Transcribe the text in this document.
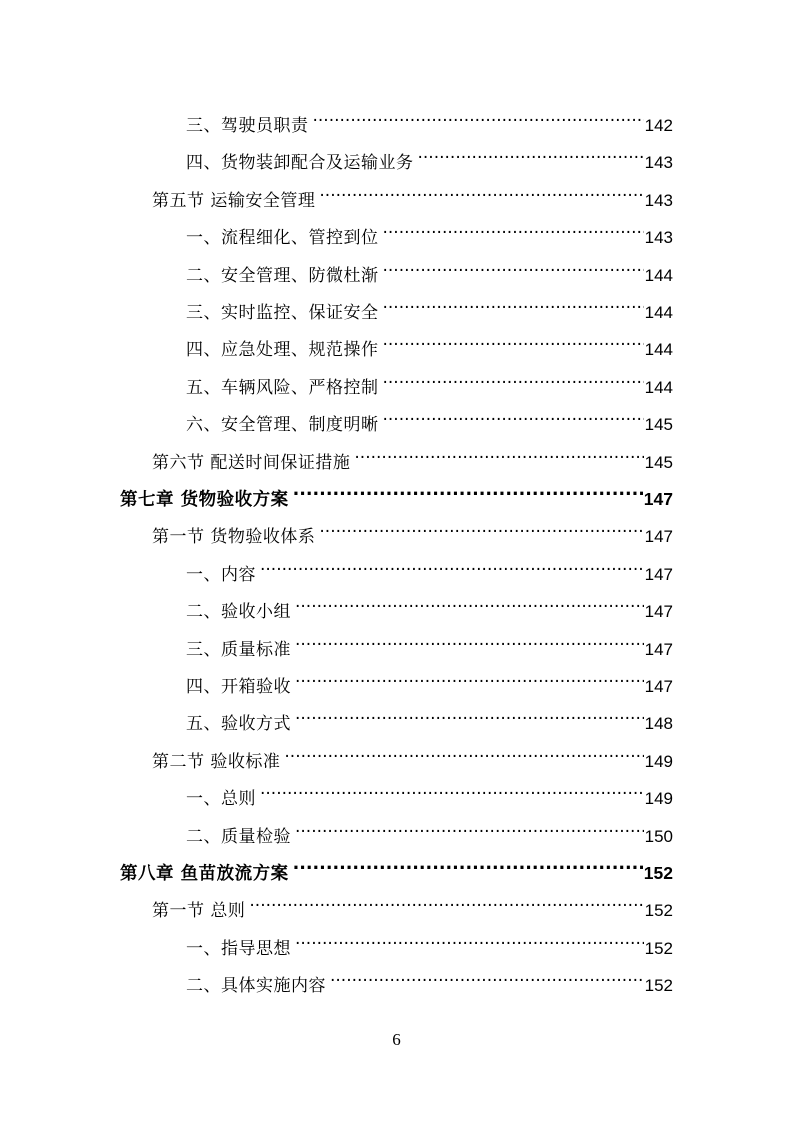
三、驾驶员职责 .....	142
四、货物装卸配合及运输业务 .....	143
第五节 运输安全管理 .....	143
一、流程细化、管控到位 .....	143
二、安全管理、防微杜渐 .....	144
三、实时监控、保证安全 .....	144
四、应急处理、规范操作 .....	144
五、车辆风险、严格控制 .....	144
六、安全管理、制度明晰 .....	145
第六节 配送时间保证措施 .....	145
第七章 货物验收方案 .....	147
第一节 货物验收体系 .....	147
一、内容 .....	147
二、验收小组 .....	147
三、质量标准 .....	147
四、开箱验收 .....	147
五、验收方式 .....	148
第二节 验收标准 .....	149
一、总则 .....	149
二、质量检验 .....	150
第八章 鱼苗放流方案 .....	152
第一节 总则 .....	152
一、指导思想 .....	152
二、具体实施内容 .....	152
6
